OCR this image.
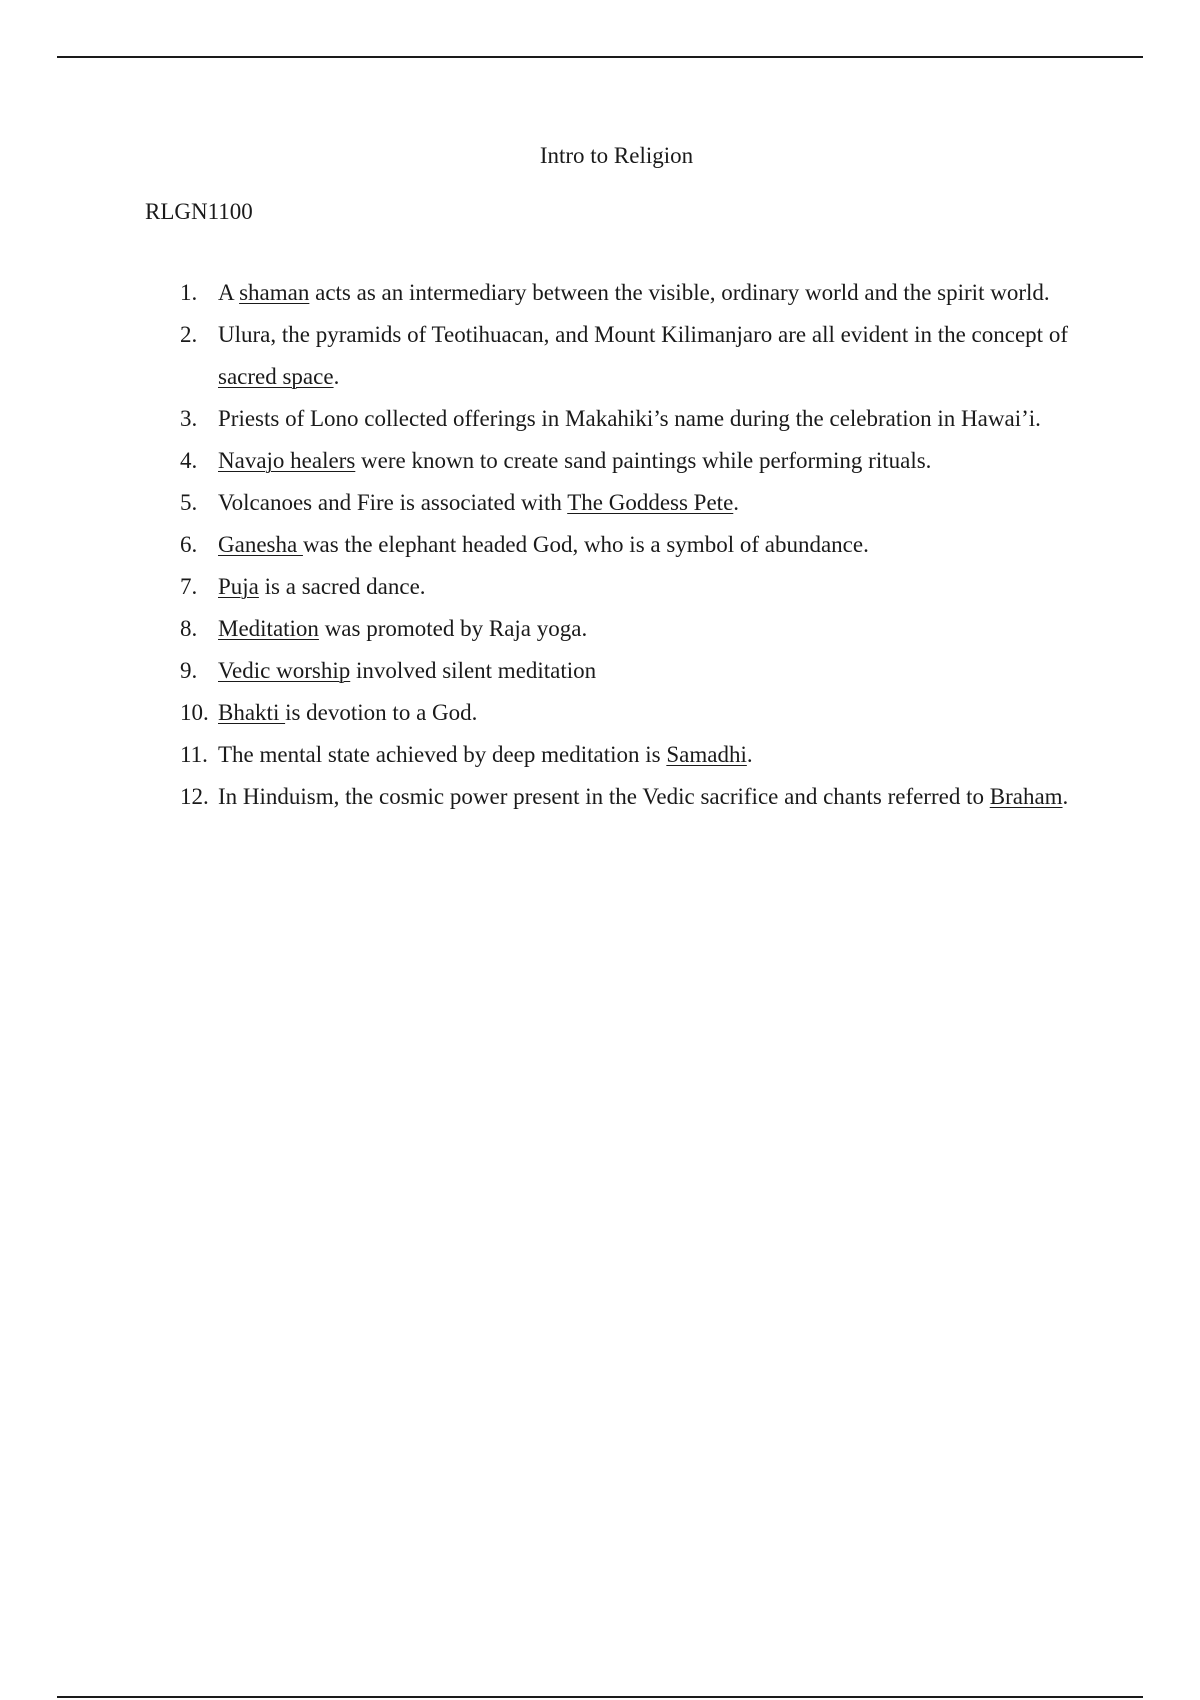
Intro to Religion
RLGN1100
1. A shaman acts as an intermediary between the visible, ordinary world and the spirit world.
2. Ulura, the pyramids of Teotihuacan, and Mount Kilimanjaro are all evident in the concept of sacred space.
3. Priests of Lono collected offerings in Makahiki’s name during the celebration in Hawai’i.
4. Navajo healers were known to create sand paintings while performing rituals.
5. Volcanoes and Fire is associated with The Goddess Pete.
6. Ganesha was the elephant headed God, who is a symbol of abundance.
7. Puja is a sacred dance.
8. Meditation was promoted by Raja yoga.
9. Vedic worship involved silent meditation
10. Bhakti is devotion to a God.
11. The mental state achieved by deep meditation is Samadhi.
12. In Hinduism, the cosmic power present in the Vedic sacrifice and chants referred to Braham.
